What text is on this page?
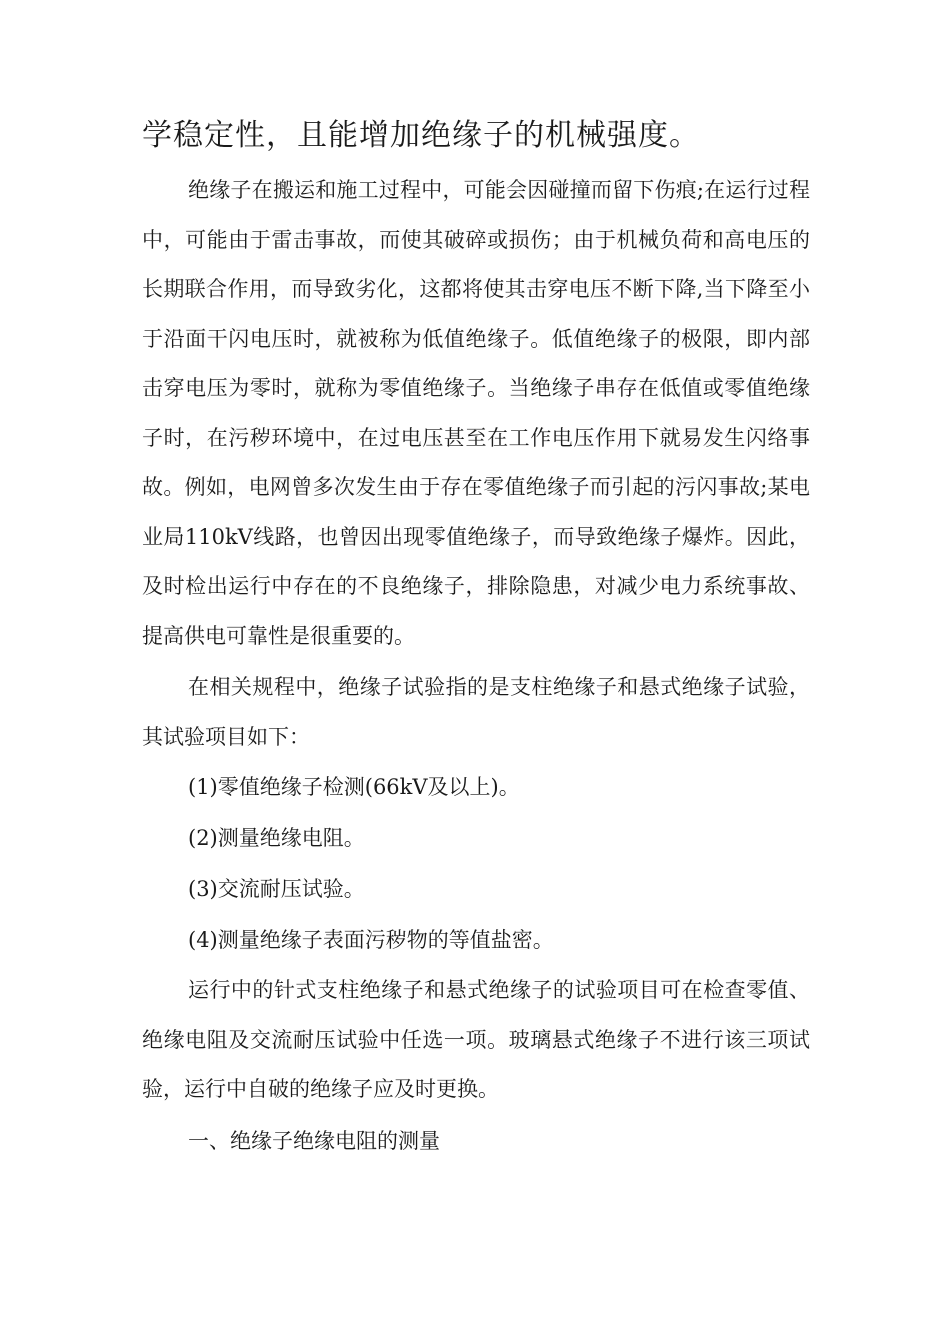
学稳定性，且能增加绝缘子的机械强度。

绝缘子在搬运和施工过程中，可能会因碰撞而留下伤痕;在运行过程中，可能由于雷击事故，而使其破碎或损伤；由于机械负荷和高电压的长期联合作用，而导致劣化，这都将使其击穿电压不断下降,当下降至小于沿面干闪电压时，就被称为低值绝缘子。低值绝缘子的极限，即内部击穿电压为零时，就称为零值绝缘子。当绝缘子串存在低值或零值绝缘子时，在污秽环境中，在过电压甚至在工作电压作用下就易发生闪络事故。例如，电网曾多次发生由于存在零值绝缘子而引起的污闪事故;某电业局110kV线路，也曾因出现零值绝缘子，而导致绝缘子爆炸。因此，及时检出运行中存在的不良绝缘子，排除隐患，对减少电力系统事故、提高供电可靠性是很重要的。

在相关规程中，绝缘子试验指的是支柱绝缘子和悬式绝缘子试验，其试验项目如下：

(1)零值绝缘子检测(66kV及以上)。

(2)测量绝缘电阻。

(3)交流耐压试验。

(4)测量绝缘子表面污秽物的等值盐密。

运行中的针式支柱绝缘子和悬式绝缘子的试验项目可在检查零值、绝缘电阻及交流耐压试验中任选一项。玻璃悬式绝缘子不进行该三项试验，运行中自破的绝缘子应及时更换。

一、绝缘子绝缘电阻的测量
